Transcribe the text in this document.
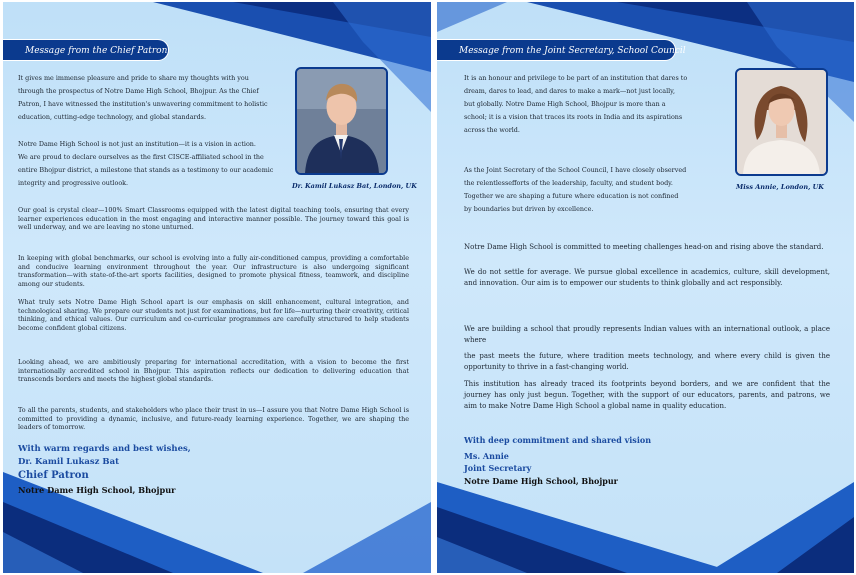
Message from the Chief Patron
Dr. Kamil Lukasz Bat, London, UK
It gives me immense pleasure and pride to share my thoughts with you
through the prospectus of Notre Dame High School, Bhojpur. As the Chief
Patron, I have witnessed the institution's unwavering commitment to holistic
education, cutting-edge technology, and global standards.
Notre Dame High School is not just an institution—it is a vision in action.
We are proud to declare ourselves as the first CISCE-affiliated school in the
entire Bhojpur district, a milestone that stands as a testimony to our academic
integrity and progressive outlook.
Our goal is crystal clear—100% Smart Classrooms equipped with the latest digital teaching tools, ensuring that every learner experiences education in the most engaging and interactive manner possible. The journey toward this goal is well underway, and we are leaving no stone unturned.
In keeping with global benchmarks, our school is evolving into a fully air-conditioned campus, providing a comfortable and conducive learning environment throughout the year. Our infrastructure is also undergoing significant transformation—with state-of-the-art sports facilities, designed to promote physical fitness, teamwork, and discipline among our students.
What truly sets Notre Dame High School apart is our emphasis on skill enhancement, cultural integration, and technological sharing. We prepare our students not just for examinations, but for life—nurturing their creativity, critical thinking, and ethical values. Our curriculum and co-curricular programmes are carefully structured to help students become confident global citizens.
Looking ahead, we are ambitiously preparing for international accreditation, with a vision to become the first internationally accredited school in Bhojpur. This aspiration reflects our dedication to delivering education that transcends borders and meets the highest global standards.
To all the parents, students, and stakeholders who place their trust in us—I assure you that Notre Dame High School is committed to providing a dynamic, inclusive, and future-ready learning experience. Together, we are shaping the leaders of tomorrow.
With warm regards and best wishes,
Dr. Kamil Lukasz Bat
Chief Patron
Notre Dame High School, Bhojpur
Message from the Joint Secretary, School Council
Miss Annie, London, UK
It is an honour and privilege to be part of an institution that dares to
dream, dares to lead, and dares to make a mark—not just locally,
but globally. Notre Dame High School, Bhojpur is more than a
school; it is a vision that traces its roots in India and its aspirations
across the world.
As the Joint Secretary of the School Council, I have closely observed
the relentlessefforts of the leadership, faculty, and student body.
Together we are shaping a future where education is not confined
by boundaries but driven by excellence.
Notre Dame High School is committed to meeting challenges head-on and rising above the standard.
We do not settle for average. We pursue global excellence in academics, culture, skill development, and innovation. Our aim is to empower our students to think globally and act responsibly.
We are building a school that proudly represents Indian values with an international outlook, a place where
the past meets the future, where tradition meets technology, and where every child is given the opportunity to thrive in a fast-changing world.
This institution has already traced its footprints beyond borders, and we are confident that the journey has only just begun. Together, with the support of our educators, parents, and patrons, we aim to make Notre Dame High School a global name in quality education.
With deep commitment and shared vision
Ms. Annie
Joint Secretary
Notre Dame High School, Bhojpur
